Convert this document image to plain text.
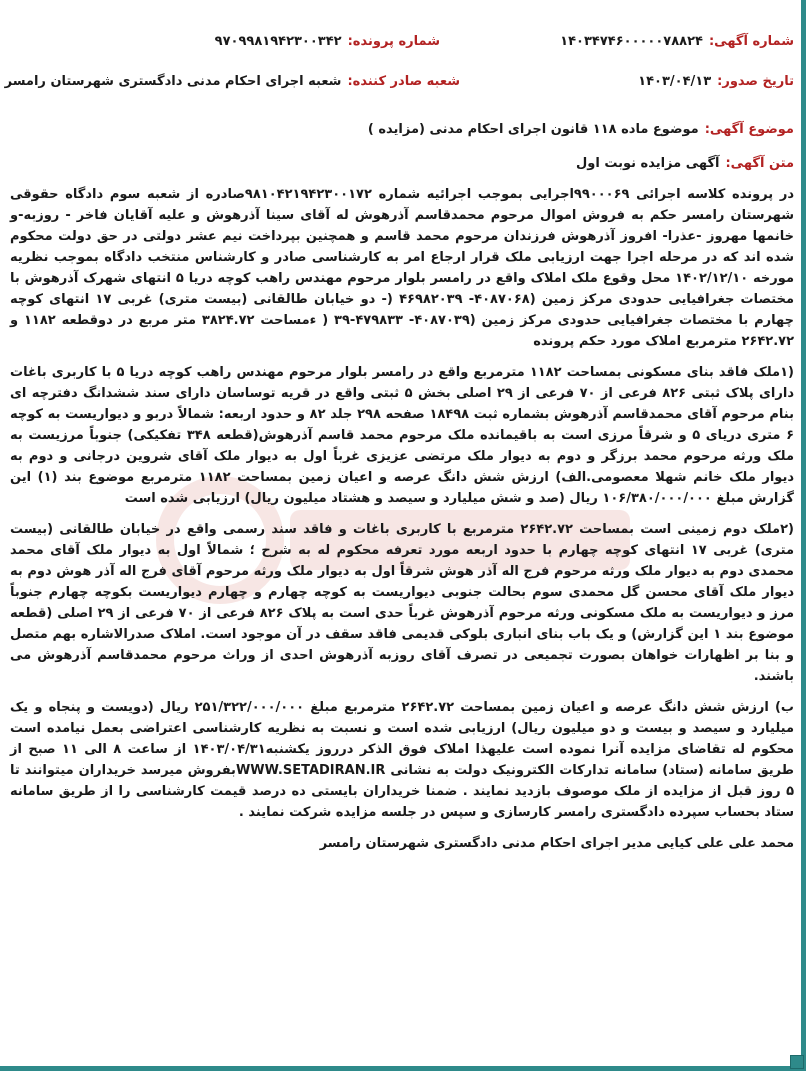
شماره آگهی:
۱۴۰۳۴۷۴۶۰۰۰۰۰۷۸۸۲۴
شماره پرونده:
۹۷۰۹۹۸۱۹۴۲۳۰۰۳۴۲
تاریخ صدور:
۱۴۰۳/۰۴/۱۳
شعبه صادر کننده:
شعبه اجرای احکام مدنی دادگستری شهرستان رامسر
موضوع آگهی:
موضوع ماده ۱۱۸ قانون اجرای احکام مدنی (مزایده )
متن آگهی:
آگهی مزایده نوبت اول

در پرونده کلاسه اجرائی ۹۹۰۰۰۶۹اجرایی بموجب اجرائیه شماره ۹۸۱۰۴۲۱۹۴۲۳۰۰۱۷۲صادره از شعبه سوم دادگاه حقوقی شهرستان رامسر حکم به فروش اموال مرحوم محمدقاسم آذرهوش له آقای سینا آذرهوش و علیه آقایان فاخر - روزبه-و خانمها مهروز -عذرا- افروز آذرهوش فرزندان مرحوم محمد قاسم و همچنین بپرداخت نیم عشر دولتی در حق دولت محکوم شده اند که در مرحله اجرا جهت ارزیابی ملک قرار ارجاع امر به کارشناسی صادر و کارشناس منتخب دادگاه بموجب نظریه مورخه ۱۴۰۲/۱۲/۱۰ محل وقوع ملک املاک واقع در رامسر بلوار مرحوم مهندس راهب کوچه دریا ۵ انتهای شهرک آذرهوش با مختصات جغرافیایی حدودی مرکز زمین (۴۰۸۷۰۶۸- ۴۶۹۸۲۰۳۹ (- دو خیابان طالقانی (بیست متری) غربی ۱۷ انتهای کوچه چهارم با مختصات جغرافیایی حدودی مرکز زمین (۴۰۸۷۰۳۹- ۴۷۹۸۳۳-۳۹ ( ءمساحت ۳۸۲۴.۷۲ متر مربع در دوقطعه ۱۱۸۲ و ۲۶۴۲.۷۲ مترمربع املاک مورد حکم پرونده

(۱ملک فاقد بنای مسکونی بمساحت ۱۱۸۲ مترمربع واقع در رامسر بلوار مرحوم مهندس راهب کوچه دریا ۵ با کاربری باغات دارای پلاک ثبتی ۸۲۶ فرعی از ۷۰ فرعی از ۲۹ اصلی بخش ۵ ثبتی واقع در قریه توساسان دارای سند ششدانگ دفترچه ای بنام مرحوم آقای محمدقاسم آذرهوش بشماره ثبت ۱۸۴۹۸ صفحه ۲۹۸ جلد ۸۲ و حدود اربعه: شمالاً دربو و دیواریست به کوچه ۶ متری دریای ۵ و شرقاً مرزی است به باقیمانده ملک مرحوم محمد قاسم آذرهوش(قطعه ۳۴۸ تفکیکی) جنوباً مرزیست به ملک ورثه مرحوم محمد برزگر و دوم به دیوار ملک مرتضی عزیزی غرباً اول به دیوار ملک آقای شروین درجانی و دوم به دیوار ملک خانم شهلا معصومی.الف) ارزش شش دانگ عرصه و اعیان زمین بمساحت ۱۱۸۲ مترمربع موضوع بند (۱) این گزارش مبلغ ۱۰۶/۳۸۰/۰۰۰/۰۰۰ ریال (صد و شش میلیارد و سیصد و هشتاد میلیون ریال) ارزیابی شده است

(۲ملک دوم زمینی است بمساحت ۲۶۴۲.۷۲ مترمربع با کاربری باغات و فاقد سند رسمی واقع در خیابان طالقانی (بیست متری) غربی ۱۷ انتهای کوچه چهارم با حدود اربعه مورد تعرفه محکوم له به شرح ؛ شمالاً اول به دیوار ملک آقای محمد محمدی دوم به دیوار ملک ورثه مرحوم فرج اله آذر هوش شرقاً اول به دیوار ملک ورثه مرحوم آقای فرج اله آذر هوش دوم به دیوار ملک آقای محسن گل محمدی سوم بحالت جنوبی دیواریست به کوچه چهارم و چهارم دیواریست بکوچه چهارم جنوباً مرز و دیواریست به ملک مسکونی ورثه مرحوم آذرهوش غرباً حدی است به پلاک ۸۲۶ فرعی از ۷۰ فرعی از ۲۹ اصلی (قطعه موضوع بند ۱ این گزارش) و یک باب بنای انباری بلوکی قدیمی فاقد سقف در آن موجود است. املاک صدرالاشاره بهم متصل و بنا بر اظهارات خواهان بصورت تجمیعی در تصرف آقای روزبه آذرهوش احدی از وراث مرحوم محمدقاسم آذرهوش می باشند.

ب) ارزش شش دانگ عرصه و اعیان زمین بمساحت ۲۶۴۲.۷۲ مترمربع مبلغ ۲۵۱/۳۲۲/۰۰۰/۰۰۰ ریال (دویست و پنجاه و یک میلیارد و سیصد و بیست و دو میلیون ریال) ارزیابی شده است و نسبت به نظریه کارشناسی اعتراضی بعمل نیامده است محکوم له تقاضای مزایده آنرا نموده است علیهذا املاک فوق الذکر درروز یکشنبه۱۴۰۳/۰۴/۳۱ از ساعت ۸ الی ۱۱ صبح از طریق سامانه (ستاد) سامانه تدارکات الکترونیک دولت به نشانی WWW.SETADIRAN.IRبفروش میرسد خریداران میتوانند تا ۵ روز قبل از مزایده از ملک موصوف بازدید نمایند . ضمنا خریداران بایستی ده درصد قیمت کارشناسی را از طریق سامانه ستاد بحساب سپرده دادگستری رامسر کارسازی و سپس در جلسه مزایده شرکت نمایند .

محمد علی علی کیایی مدیر اجرای احکام مدنی دادگستری شهرستان رامسر
